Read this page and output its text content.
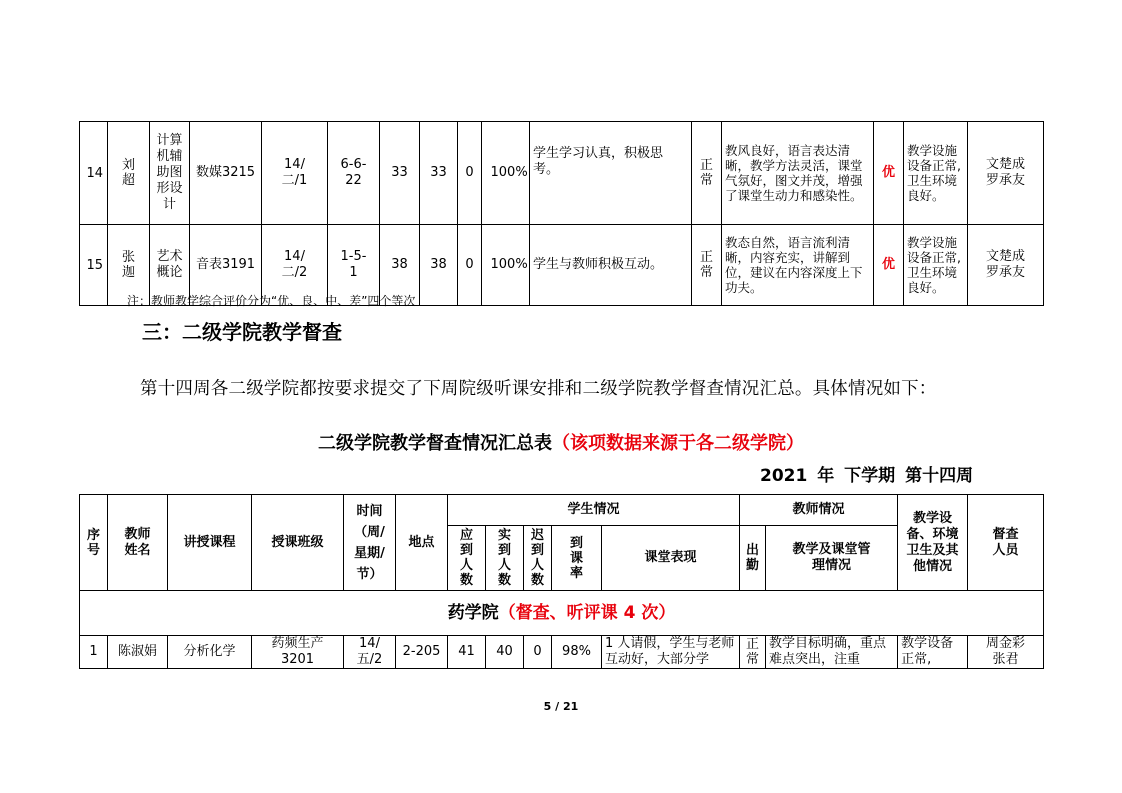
14	刘超	计算机辅助图形设计	数媒3215	14/二/1	6-6-22	33	33	0	100%	学生学习认真，积极思考。	正常	教风良好，语言表达清晰，教学方法灵活，课堂气氛好，图文并茂，增强了课堂生动力和感染性。	优	教学设施设备正常,卫生环境良好。	文楚成罗承友

15	张迦	艺术概论	音表3191	14/二/2	1-5-1	38	38	0	100%	学生与教师积极互动。	正常	教态自然，语言流利清晰，内容充实，讲解到位，建议在内容深度上下功夫。	优	教学设施设备正常,卫生环境良好。	文楚成罗承友
注：教师教学综合评价分为“优、良、中、差”四个等次
三：二级学院教学督查
第十四周各二级学院都按要求提交了下周院级听课安排和二级学院教学督查情况汇总。具体情况如下：
二级学院教学督查情况汇总表（该项数据来源于各二级学院）
2021 年 下学期 第十四周
序号	教师姓名	讲授课程	授课班级	时间（周/星期/节）	地点	学生情况					教师情况		教学设备、环境卫生及其他情况	督查人员

						应到人数	实到人数	迟到人数	到课率	课堂表现	出勤	教学及课堂管理情况		

药学院（督查、听评课 4 次）														
1	陈淑娟	分析化学	药频生产3201	14/五/2	2-205	41	40	0	98%	1 人请假，学生与老师互动好，大部分学	正常	教学目标明确，重点难点突出，注重	教学设备正常,	周金彩张君
5 / 21
